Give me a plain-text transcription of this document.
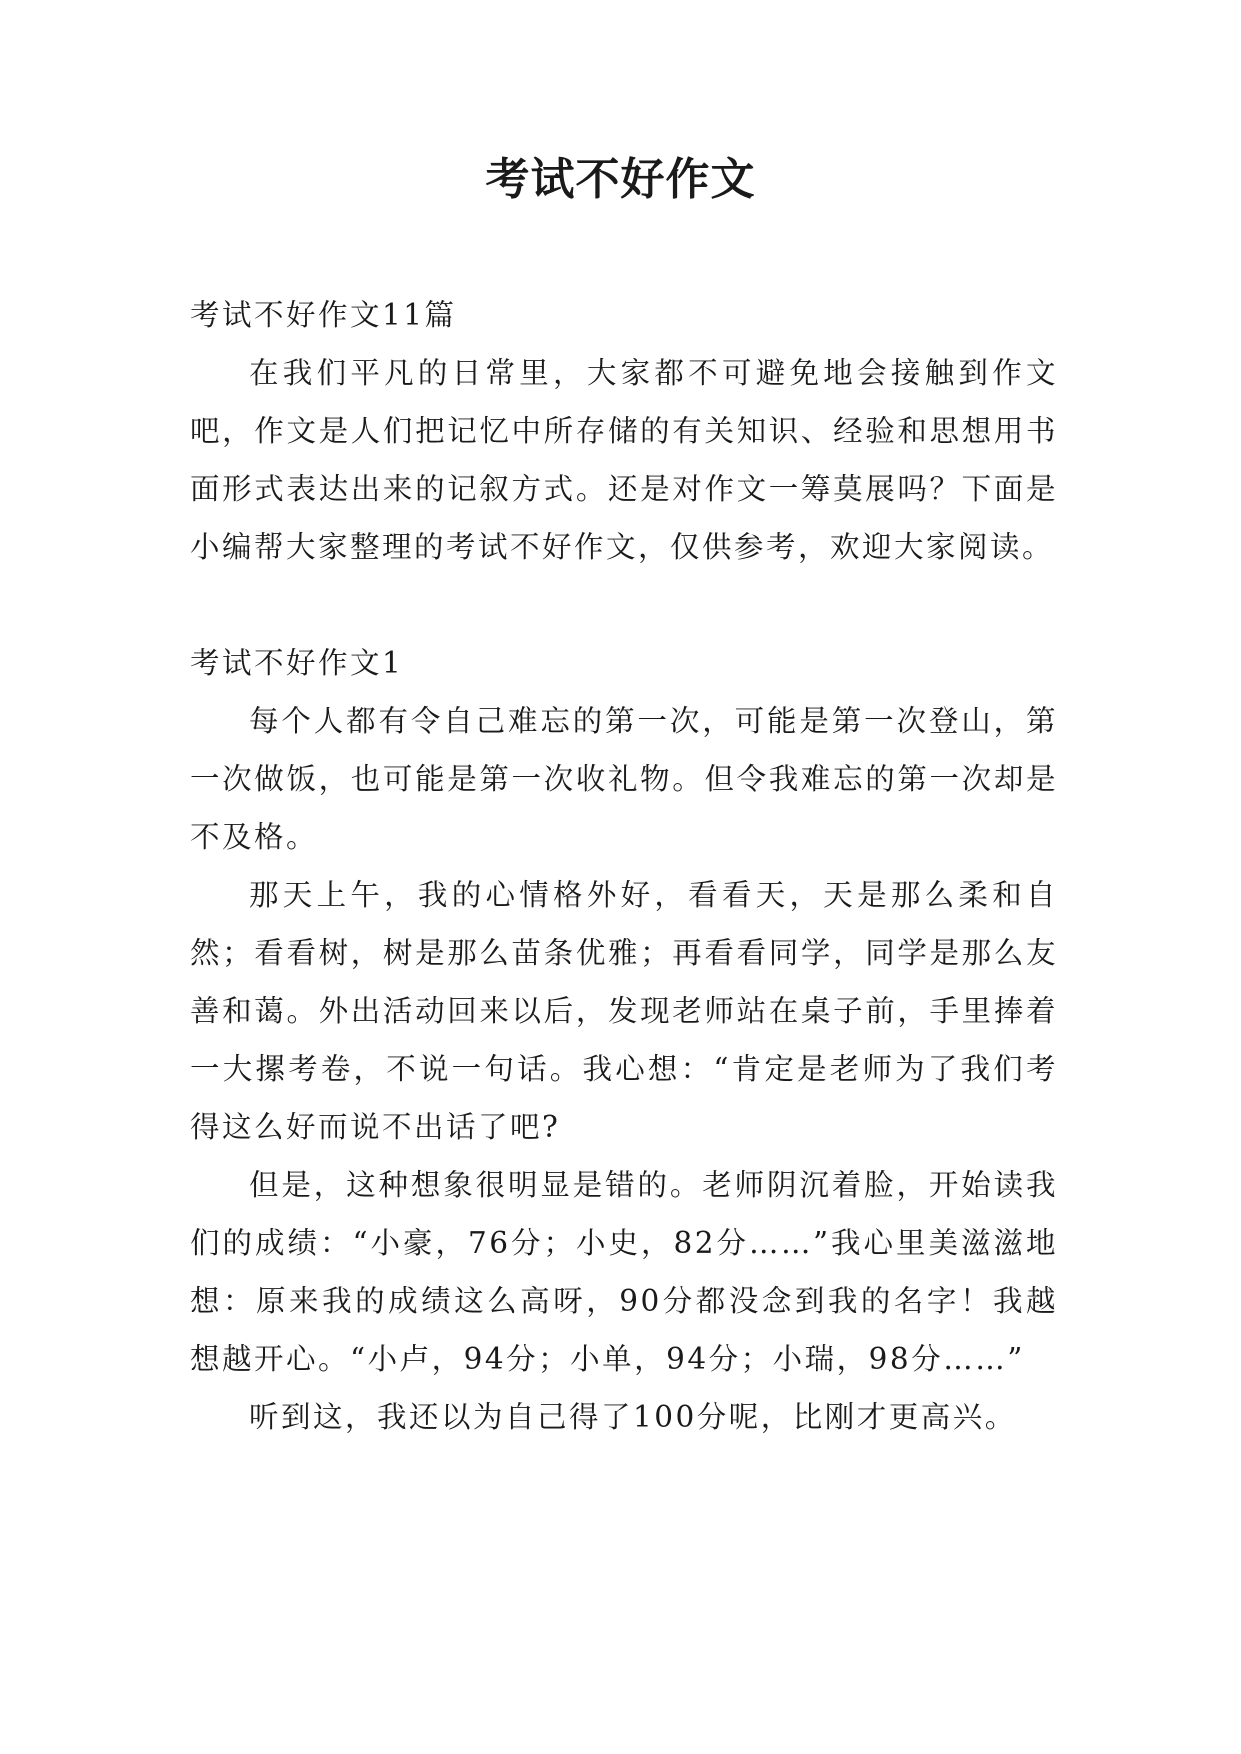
考试不好作文

考试不好作文11篇

在我们平凡的日常里，大家都不可避免地会接触到作文吧，作文是人们把记忆中所存储的有关知识、经验和思想用书面形式表达出来的记叙方式。还是对作文一筹莫展吗？下面是小编帮大家整理的考试不好作文，仅供参考，欢迎大家阅读。

考试不好作文1

每个人都有令自己难忘的第一次，可能是第一次登山，第一次做饭，也可能是第一次收礼物。但令我难忘的第一次却是不及格。

那天上午，我的心情格外好，看看天，天是那么柔和自然；看看树，树是那么苗条优雅；再看看同学，同学是那么友善和蔼。外出活动回来以后，发现老师站在桌子前，手里捧着一大摞考卷，不说一句话。我心想：“肯定是老师为了我们考得这么好而说不出话了吧?

但是，这种想象很明显是错的。老师阴沉着脸，开始读我们的成绩：“小豪，76分；小史，82分……”我心里美滋滋地想：原来我的成绩这么高呀，90分都没念到我的名字！我越想越开心。“小卢，94分；小单，94分；小瑞，98分……”

听到这，我还以为自己得了100分呢，比刚才更高兴。
